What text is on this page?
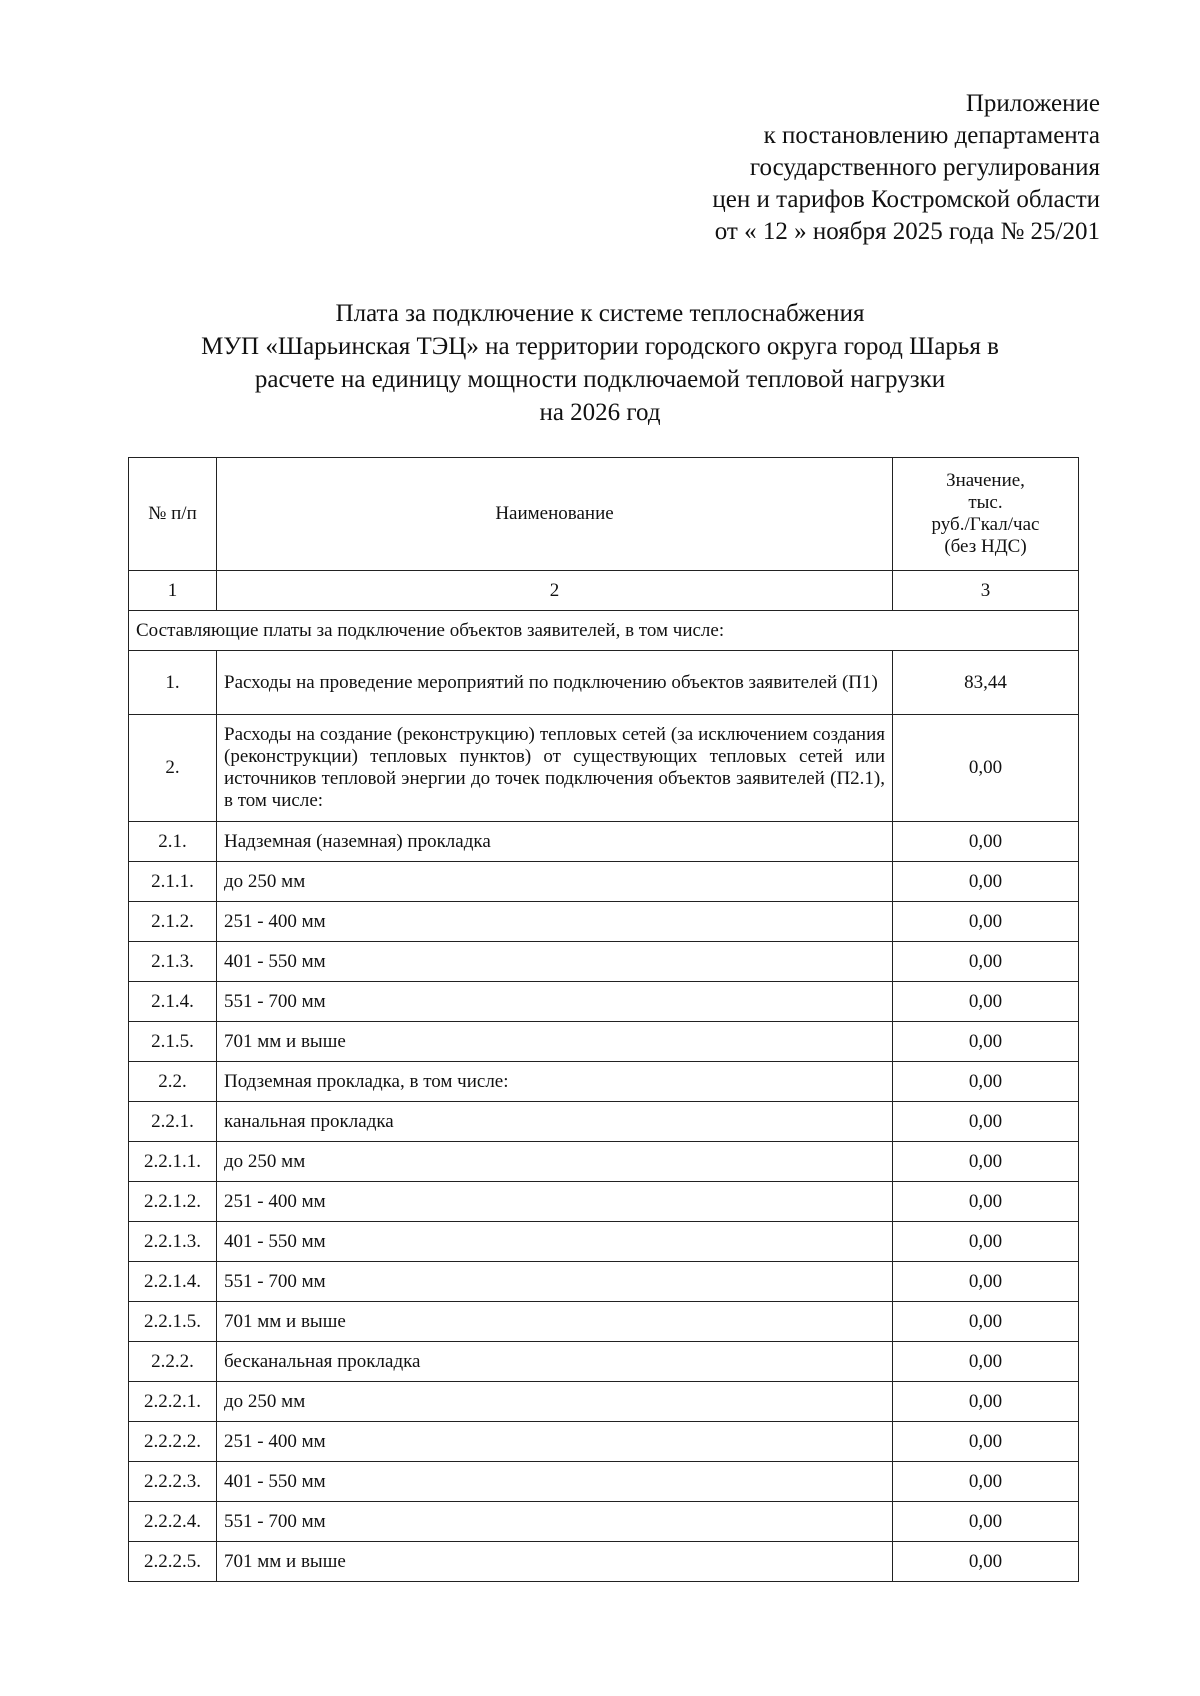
Приложение
к постановлению департамента
государственного регулирования
цен и тарифов Костромской области
от « 12 » ноября 2025 года № 25/201
Плата за подключение к системе теплоснабжения
МУП «Шарьинская ТЭЦ» на территории городского округа город Шарья в
расчете на единицу мощности подключаемой тепловой нагрузки
на 2026 год
№ п/п	Наименование	Значение,
тыс.
руб./Гкал/час
(без НДС)

1	2	3
Составляющие платы за подключение объектов заявителей, в том числе:		
1.	Расходы на проведение мероприятий по подключению объектов заявителей (П1)	83,44
2.	Расходы на создание (реконструкцию) тепловых сетей (за исключением создания (реконструкции) тепловых пунктов) от существующих тепловых сетей или источников тепловой энергии до точек подключения объектов заявителей (П2.1), в том числе:	0,00
2.1.	Надземная (наземная) прокладка	0,00
2.1.1.	до 250 мм	0,00
2.1.2.	251 - 400 мм	0,00
2.1.3.	401 - 550 мм	0,00
2.1.4.	551 - 700 мм	0,00
2.1.5.	701 мм и выше	0,00
2.2.	Подземная прокладка, в том числе:	0,00
2.2.1.	канальная прокладка	0,00
2.2.1.1.	до 250 мм	0,00
2.2.1.2.	251 - 400 мм	0,00
2.2.1.3.	401 - 550 мм	0,00
2.2.1.4.	551 - 700 мм	0,00
2.2.1.5.	701 мм и выше	0,00
2.2.2.	бесканальная прокладка	0,00
2.2.2.1.	до 250 мм	0,00
2.2.2.2.	251 - 400 мм	0,00
2.2.2.3.	401 - 550 мм	0,00
2.2.2.4.	551 - 700 мм	0,00
2.2.2.5.	701 мм и выше	0,00
